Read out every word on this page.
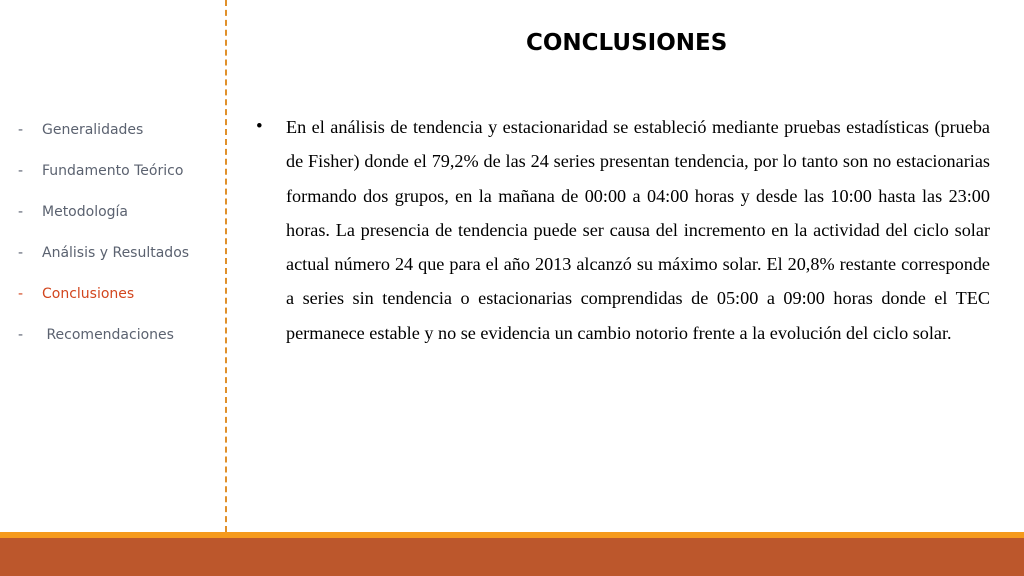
-	Generalidades
-	Fundamento Teórico
-	Metodología
-	Análisis y Resultados
-	Conclusiones
-	Recomendaciones
CONCLUSIONES
•	En el análisis de tendencia y estacionaridad se estableció mediante pruebas estadísticas (prueba de Fisher) donde el 79,2% de las 24 series presentan tendencia, por lo tanto son no estacionarias formando dos grupos, en la mañana de 00:00 a 04:00 horas y desde las 10:00 hasta las 23:00 horas. La presencia de tendencia puede ser causa del incremento en la actividad del ciclo solar actual número 24 que para el año 2013 alcanzó su máximo solar. El 20,8% restante corresponde a series sin tendencia o estacionarias comprendidas de 05:00 a 09:00 horas donde el TEC permanece estable y no se evidencia un cambio notorio frente a la evolución del ciclo solar.
